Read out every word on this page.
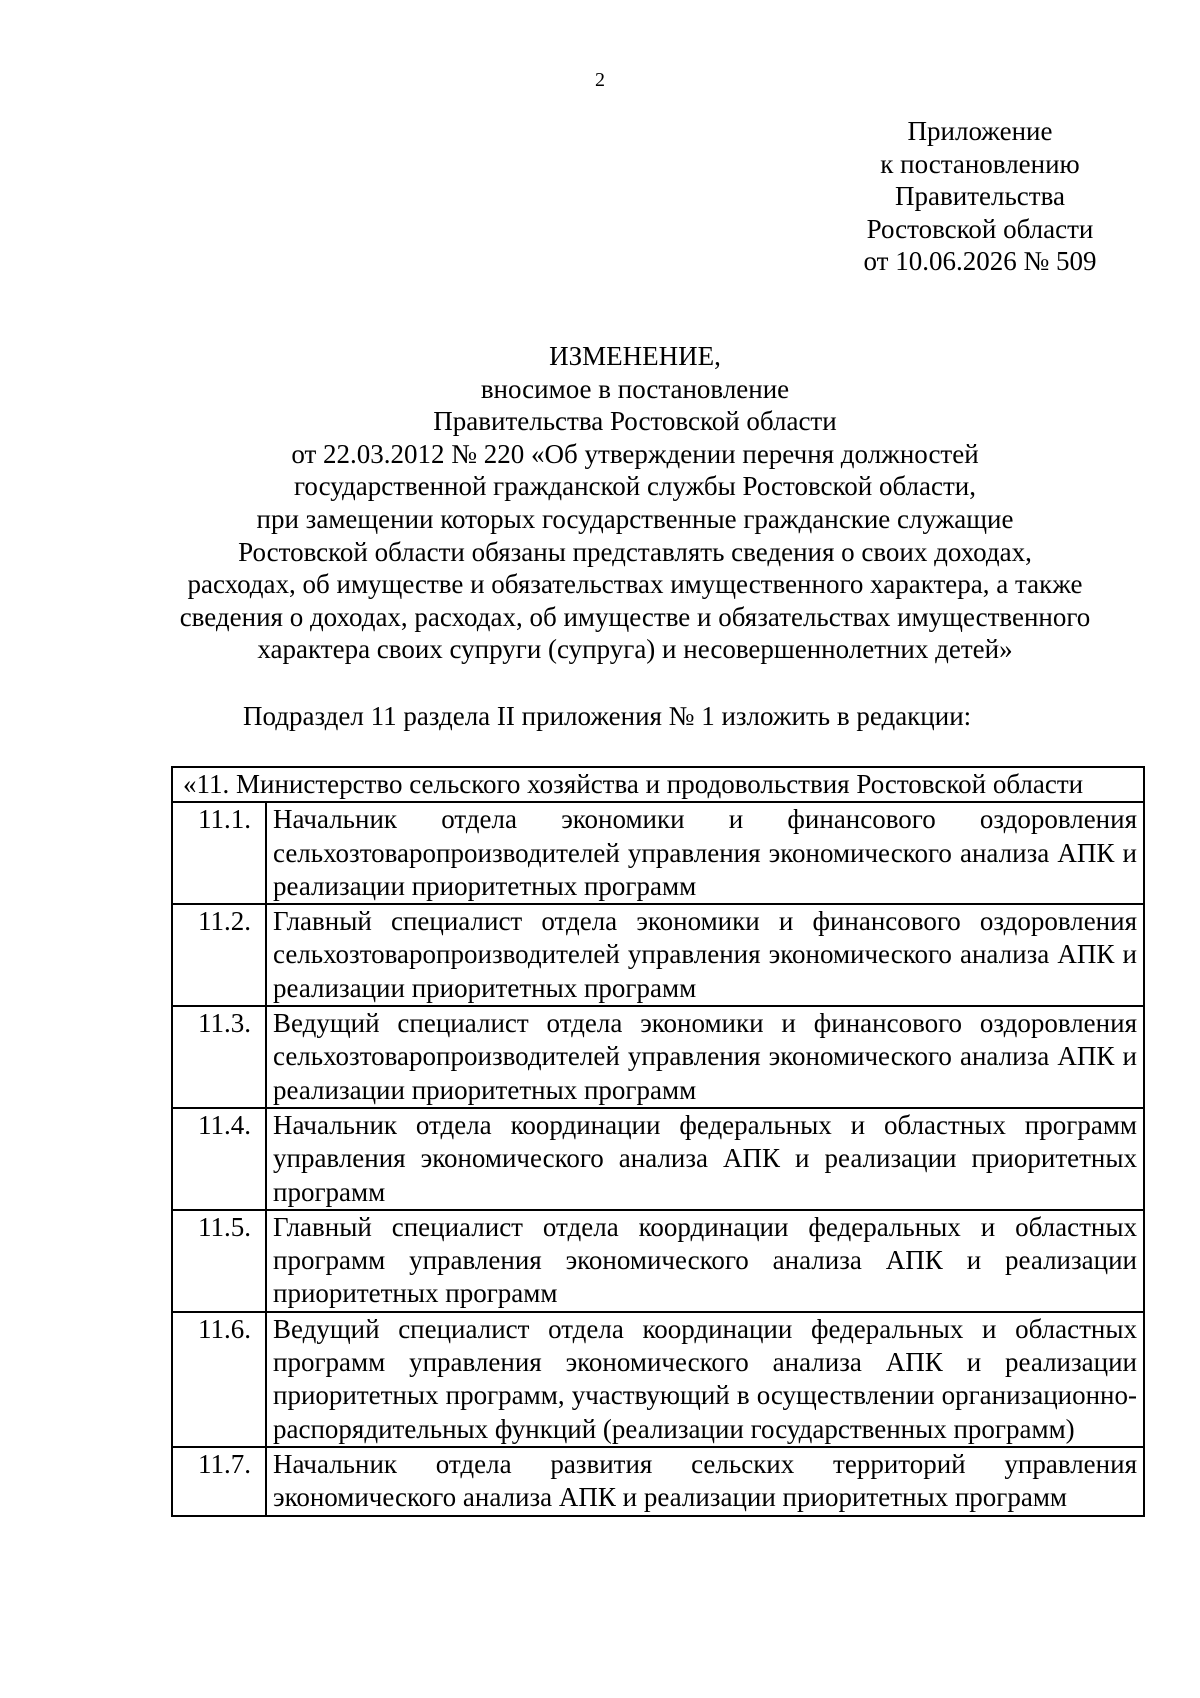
2
Приложение
к постановлению
Правительства
Ростовской области
от 10.06.2026 № 509
ИЗМЕНЕНИЕ,
вносимое в постановление
Правительства Ростовской области
от 22.03.2012 № 220 «Об утверждении перечня должностей
государственной гражданской службы Ростовской области,
при замещении которых государственные гражданские служащие
Ростовской области обязаны представлять сведения о своих доходах,
расходах, об имуществе и обязательствах имущественного характера, а также
сведения о доходах, расходах, об имуществе и обязательствах имущественного
характера своих супруги (супруга) и несовершеннолетних детей»
Подраздел 11 раздела II приложения № 1 изложить в редакции:
«11. Министерство сельского хозяйства и продовольствия Ростовской области	
11.1.	Начальник отдела экономики и финансового оздоровления сельхозтоваропроизводителей управления экономического анализа АПК и реализации приоритетных программ
11.2.	Главный специалист отдела экономики и финансового оздоровления сельхозтоваропроизводителей управления экономического анализа АПК и реализации приоритетных программ
11.3.	Ведущий специалист отдела экономики и финансового оздоровления сельхозтоваропроизводителей управления экономического анализа АПК и реализации приоритетных программ
11.4.	Начальник отдела координации федеральных и областных программ управления экономического анализа АПК и реализации приоритетных программ
11.5.	Главный специалист отдела координации федеральных и областных программ управления экономического анализа АПК и реализации приоритетных программ
11.6.	Ведущий специалист отдела координации федеральных и областных программ управления экономического анализа АПК и реализации приоритетных программ, участвующий в осуществлении организационно-распорядительных функций (реализации государственных программ)
11.7.	Начальник отдела развития сельских территорий управления экономического анализа АПК и реализации приоритетных программ
